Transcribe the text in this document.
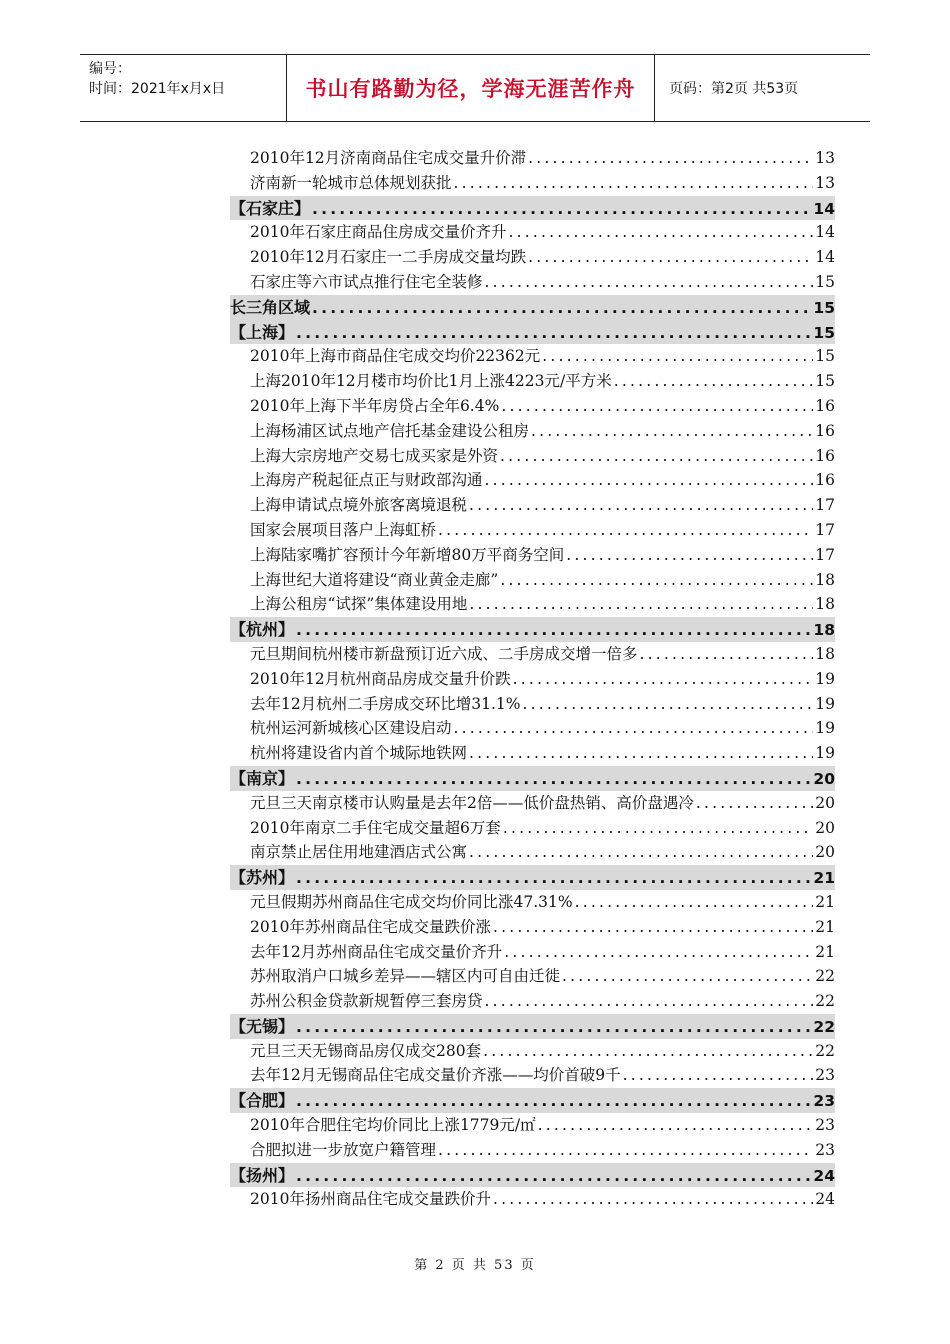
编号：
时间：2021年x月x日	书山有路勤为径，学海无涯苦作舟	页码：第2页 共53页
2010年12月济南商品住宅成交量升价滞 .....	13
济南新一轮城市总体规划获批 .....	13
【石家庄】 .....	14
2010年石家庄商品住房成交量价齐升 .....	14
2010年12月石家庄一二手房成交量均跌 .....	14
石家庄等六市试点推行住宅全装修 .....	15
长三角区域 .....	15
【上海】 .....	15
2010年上海市商品住宅成交均价22362元 .....	15
上海2010年12月楼市均价比1月上涨4223元/平方米 .....	15
2010年上海下半年房贷占全年6.4% .....	16
上海杨浦区试点地产信托基金建设公租房 .....	16
上海大宗房地产交易七成买家是外资 .....	16
上海房产税起征点正与财政部沟通 .....	16
上海申请试点境外旅客离境退税 .....	17
国家会展项目落户上海虹桥 .....	17
上海陆家嘴扩容预计今年新增80万平商务空间 .....	17
上海世纪大道将建设“商业黄金走廊” .....	18
上海公租房“试探”集体建设用地 .....	18
【杭州】 .....	18
元旦期间杭州楼市新盘预订近六成、二手房成交增一倍多 .....	18
2010年12月杭州商品房成交量升价跌 .....	19
去年12月杭州二手房成交环比增31.1% .....	19
杭州运河新城核心区建设启动 .....	19
杭州将建设省内首个城际地铁网 .....	19
【南京】 .....	20
元旦三天南京楼市认购量是去年2倍——低价盘热销、高价盘遇冷 .....	20
2010年南京二手住宅成交量超6万套 .....	20
南京禁止居住用地建酒店式公寓 .....	20
【苏州】 .....	21
元旦假期苏州商品住宅成交均价同比涨47.31% .....	21
2010年苏州商品住宅成交量跌价涨 .....	21
去年12月苏州商品住宅成交量价齐升 .....	21
苏州取消户口城乡差异——辖区内可自由迁徙 .....	22
苏州公积金贷款新规暂停三套房贷 .....	22
【无锡】 .....	22
元旦三天无锡商品房仅成交280套 .....	22
去年12月无锡商品住宅成交量价齐涨——均价首破9千 .....	23
【合肥】 .....	23
2010年合肥住宅均价同比上涨1779元/㎡ .....	23
合肥拟进一步放宽户籍管理 .....	23
【扬州】 .....	24
2010年扬州商品住宅成交量跌价升 .....	24
第 2 页 共 53 页
